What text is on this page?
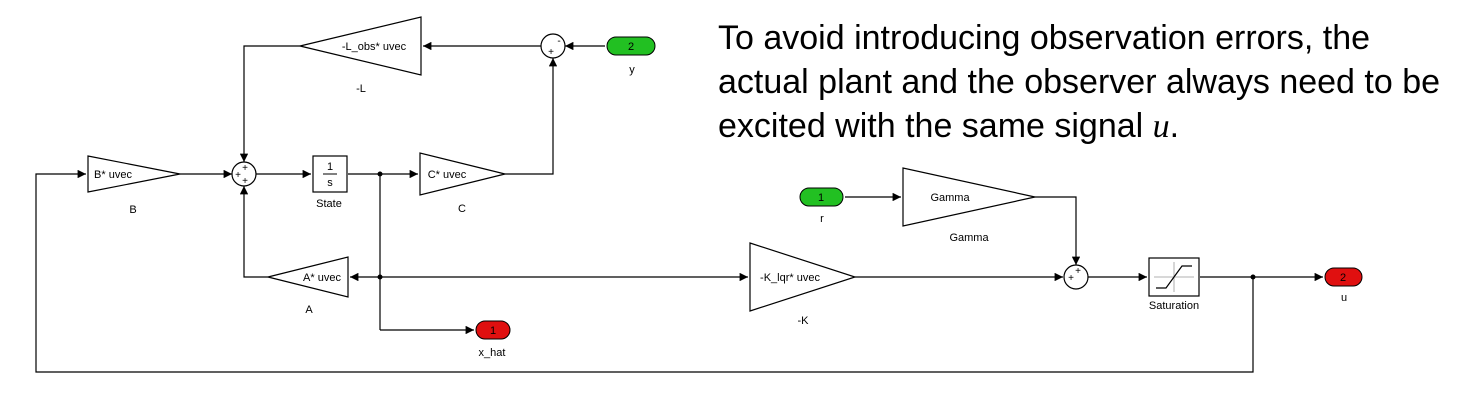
-L_obs* uvec
-L
-
+	2
y
B* uvec
B
+
+
+
1
s
State
C* uvec
C
A* uvec
A
1
x_hat
-K_lqr* uvec
-K
1
r
Gamma
Gamma
+
+
Saturation
2
u
To avoid introducing observation errors, the actual plant and the observer always need to be excited with the same signal u.
